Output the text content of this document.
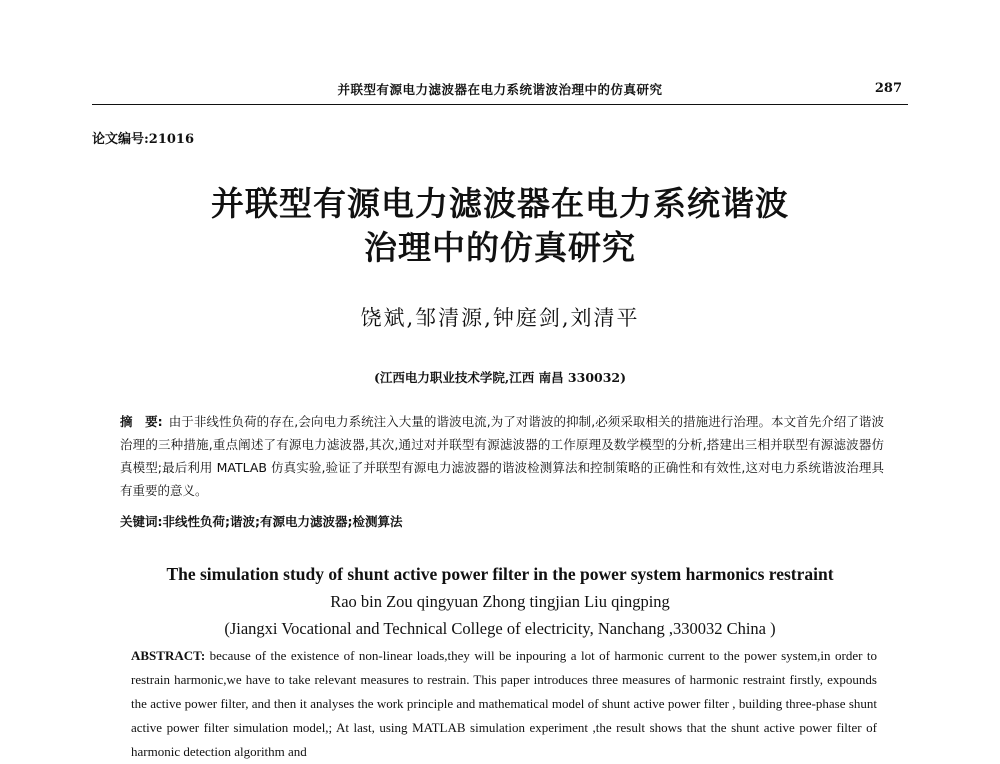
并联型有源电力滤波器在电力系统谐波治理中的仿真研究	287
论文编号:21016
并联型有源电力滤波器在电力系统谐波
治理中的仿真研究
饶斌,邹清源,钟庭剑,刘清平
(江西电力职业技术学院,江西 南昌 330032)
摘　要: 由于非线性负荷的存在,会向电力系统注入大量的谐波电流,为了对谐波的抑制,必须采取相关的措施进行治理。本文首先介绍了谐波治理的三种措施,重点阐述了有源电力滤波器,其次,通过对并联型有源滤波器的工作原理及数学模型的分析,搭建出三相并联型有源滤波器仿真模型;最后利用 MATLAB 仿真实验,验证了并联型有源电力滤波器的谐波检测算法和控制策略的正确性和有效性,这对电力系统谐波治理具有重要的意义。
关键词:非线性负荷;谐波;有源电力滤波器;检测算法
The simulation study of shunt active power filter in the power system harmonics restraint
Rao bin Zou qingyuan Zhong tingjian Liu qingping
(Jiangxi Vocational and Technical College of electricity, Nanchang ,330032 China )
ABSTRACT: because of the existence of non-linear loads,they will be inpouring a lot of harmonic current to the power system,in order to restrain harmonic,we have to take relevant measures to restrain. This paper introduces three measures of harmonic restraint firstly, expounds the active power filter, and then it analyses the work principle and mathematical model of shunt active power filter , building three-phase shunt active power filter simulation model,; At last, using MATLAB simulation experiment ,the result shows that the shunt active power filter of harmonic detection algorithm and
